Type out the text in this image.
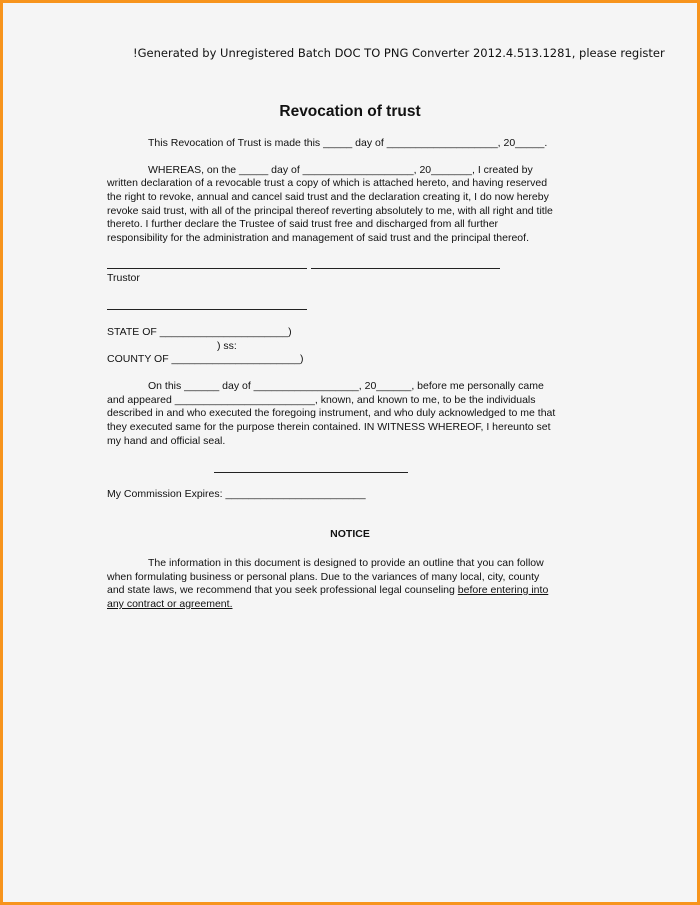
!Generated by Unregistered Batch DOC TO PNG Converter 2012.4.513.1281, please register
Revocation of trust
This Revocation of Trust is made this _____ day of ___________________, 20_____.
WHEREAS, on the _____ day of ___________________, 20_______, I created by
written declaration of a revocable trust a copy of which is attached hereto, and having reserved
the right to revoke, annual and cancel said trust and the declaration creating it, I do now hereby
revoke said trust, with all of the principal thereof reverting absolutely to me, with all right and title
thereto. I further declare the Trustee of said trust free and discharged from all further
responsibility for the administration and management of said trust and the principal thereof.
Trustor
STATE OF ______________________)
) ss:
COUNTY OF ______________________)
On this ______ day of __________________, 20______, before me personally came
and appeared ________________________, known, and known to me, to be the individuals
described in and who executed the foregoing instrument, and who duly acknowledged to me that
they executed same for the purpose therein contained. IN WITNESS WHEREOF, I hereunto set
my hand and official seal.
My Commission Expires: ________________________
NOTICE
The information in this document is designed to provide an outline that you can follow
when formulating business or personal plans. Due to the variances of many local, city, county
and state laws, we recommend that you seek professional legal counseling before entering into
any contract or agreement.
